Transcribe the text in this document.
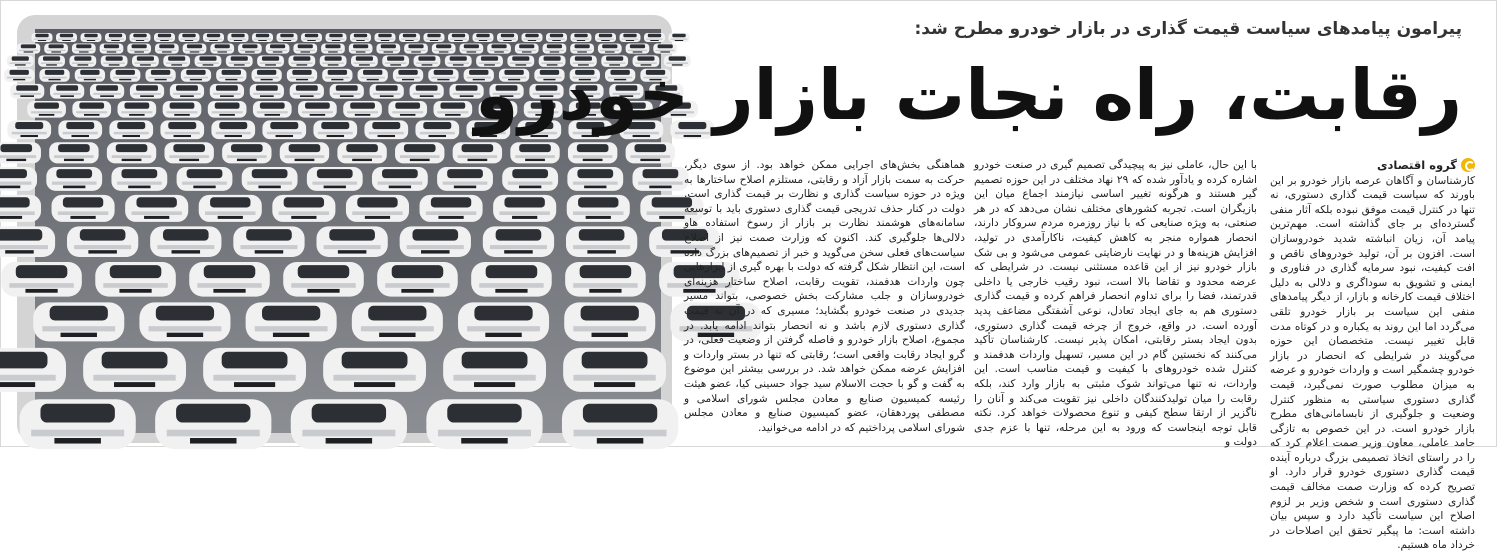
پیرامون پیامدهای سیاست قیمت گذاری در بازار خودرو مطرح شد:
رقابت، راه نجات بازار خودرو
گروه اقتصادی
کارشناسان و آگاهان عرصه بازار خودرو بر این باورند که سیاست قیمت گذاری دستوری، نه تنها در کنترل قیمت موفق نبوده بلکه آثار منفی گسترده‌ای بر جای گذاشته است. مهم‌ترین پیامد آن، زیان انباشته شدید خودروسازان است. افزون بر آن، تولید خودروهای ناقص و افت کیفیت، نبود سرمایه گذاری در فناوری و ایمنی و تشویق به سوداگری و دلالی به دلیل اختلاف قیمت کارخانه و بازار، از دیگر پیامدهای منفی این سیاست بر بازار خودرو تلقی می‌گردد اما این روند به یکباره و در کوتاه مدت قابل تغییر نیست. متخصصان این حوزه می‌گویند در شرایطی که انحصار در بازار خودرو چشمگیر است و واردات خودرو و عرضه به میزان مطلوب صورت نمی‌گیرد، قیمت گذاری دستوری سیاستی به منظور کنترل وضعیت و جلوگیری از نابسامانی‌های مطرح بازار خودرو است. در این خصوص به تازگی حامد عاملی، معاون وزیر صمت اعلام کرد که را در راستای اتخاذ تصمیمی بزرگ درباره آینده قیمت گذاری دستوری خودرو قرار دارد. او تصریح کرده که وزارت صمت مخالف قیمت گذاری دستوری است و شخص وزیر بر لزوم اصلاح این سیاست تأکید دارد و سپس بیان داشته است: ما پیگیر تحقق این اصلاحات در خرداد ماه هستیم.
با این حال، عاملی نیز به پیچیدگی تصمیم گیری در صنعت خودرو اشاره کرده و یادآور شده که ۲۹ نهاد مختلف در این حوزه تصمیم گیر هستند و هرگونه تغییر اساسی نیازمند اجماع میان این بازیگران است. تجربه کشورهای مختلف نشان می‌دهد که در هر صنعتی، به ویژه صنایعی که با نیاز روزمره مردم سروکار دارند، انحصار همواره منجر به کاهش کیفیت، ناکارآمدی در تولید، افزایش هزینه‌ها و در نهایت نارضایتی عمومی می‌شود و بی شک بازار خودرو نیز از این قاعده مستثنی نیست. در شرایطی که عرضه محدود و تقاضا بالا است، نبود رقیب خارجی یا داخلی قدرتمند، فضا را برای تداوم انحصار فراهم کرده و قیمت گذاری دستوری هم به جای ایجاد تعادل، نوعی آشفتگی مضاعف پدید آورده است. در واقع، خروج از چرخه قیمت گذاری دستوری، بدون ایجاد بستر رقابتی، امکان پذیر نیست. کارشناسان تأکید می‌کنند که نخستین گام در این مسیر، تسهیل واردات هدفمند و کنترل شده خودروهای با کیفیت و قیمت مناسب است. این واردات، نه تنها می‌تواند شوک مثبتی به بازار وارد کند، بلکه رقابت را میان تولیدکنندگان داخلی نیز تقویت می‌کند و آنان را ناگزیر از ارتقا سطح کیفی و تنوع محصولات خواهد کرد. نکته قابل توجه اینجاست که ورود به این مرحله، تنها با عزم جدی دولت و
هماهنگی بخش‌های اجرایی ممکن خواهد بود. از سوی دیگر، حرکت به سمت بازار آزاد و رقابتی، مستلزم اصلاح ساختارها به ویژه در حوزه سیاست گذاری و نظارت بر قیمت گذاری است. دولت در کنار حذف تدریجی قیمت گذاری دستوری باید با توسعه سامانه‌های هوشمند نظارت بر بازار از رسوخ استفاده هاو دلالی‌ها جلوگیری کند. اکنون که وزارت صمت نیز از اصلاح سیاست‌های فعلی سخن می‌گوید و خبر از تصمیم‌های بزرگ داده است، این انتظار شکل گرفته که دولت با بهره گیری از ابزارهایی چون واردات هدفمند، تقویت رقابت، اصلاح ساختار هزینه‌ای خودروسازان و جلب مشارکت بخش خصوصی، بتواند مسیر جدیدی در صنعت خودرو بگشاید؛ مسیری که در آن نه قیمت گذاری دستوری لازم باشد و نه انحصار بتواند ادامه یابد. در مجموع، اصلاح بازار خودرو و فاصله گرفتن از وضعیت فعلی، در گرو ایجاد رقابت واقعی است؛ رقابتی که تنها در بستر واردات و افزایش عرضه ممکن خواهد شد. در بررسی بیشتر این موضوع به گفت و گو با حجت الاسلام سید جواد حسینی کیا، عضو هیئت رئیسه کمیسیون صنایع و معادن مجلس شورای اسلامی و مصطفی پوردهقان، عضو کمیسیون صنایع و معادن مجلس شورای اسلامی پرداختیم که در ادامه می‌خوانید.
